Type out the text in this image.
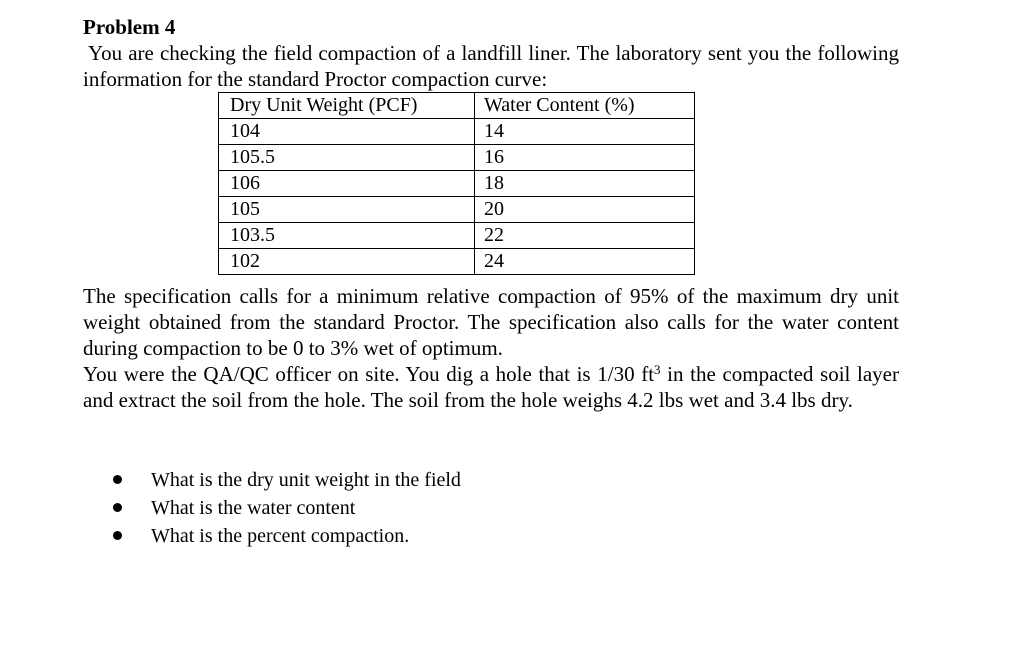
Problem 4

You are checking the field compaction of a landfill liner. The laboratory sent you the following information for the standard Proctor compaction curve:

Dry Unit Weight (PCF)	Water Content (%)
104	14
105.5	16
106	18
105	20
103.5	22
102	24

The specification calls for a minimum relative compaction of 95% of the maximum dry unit weight obtained from the standard Proctor. The specification also calls for the water content during compaction to be 0 to 3% wet of optimum.

You were the QA/QC officer on site. You dig a hole that is 1/30 $ft^3$ in the compacted soil layer and extract the soil from the hole. The soil from the hole weighs 4.2 lbs wet and 3.4 lbs dry.

What is the dry unit weight in the field
What is the water content
What is the percent compaction.
